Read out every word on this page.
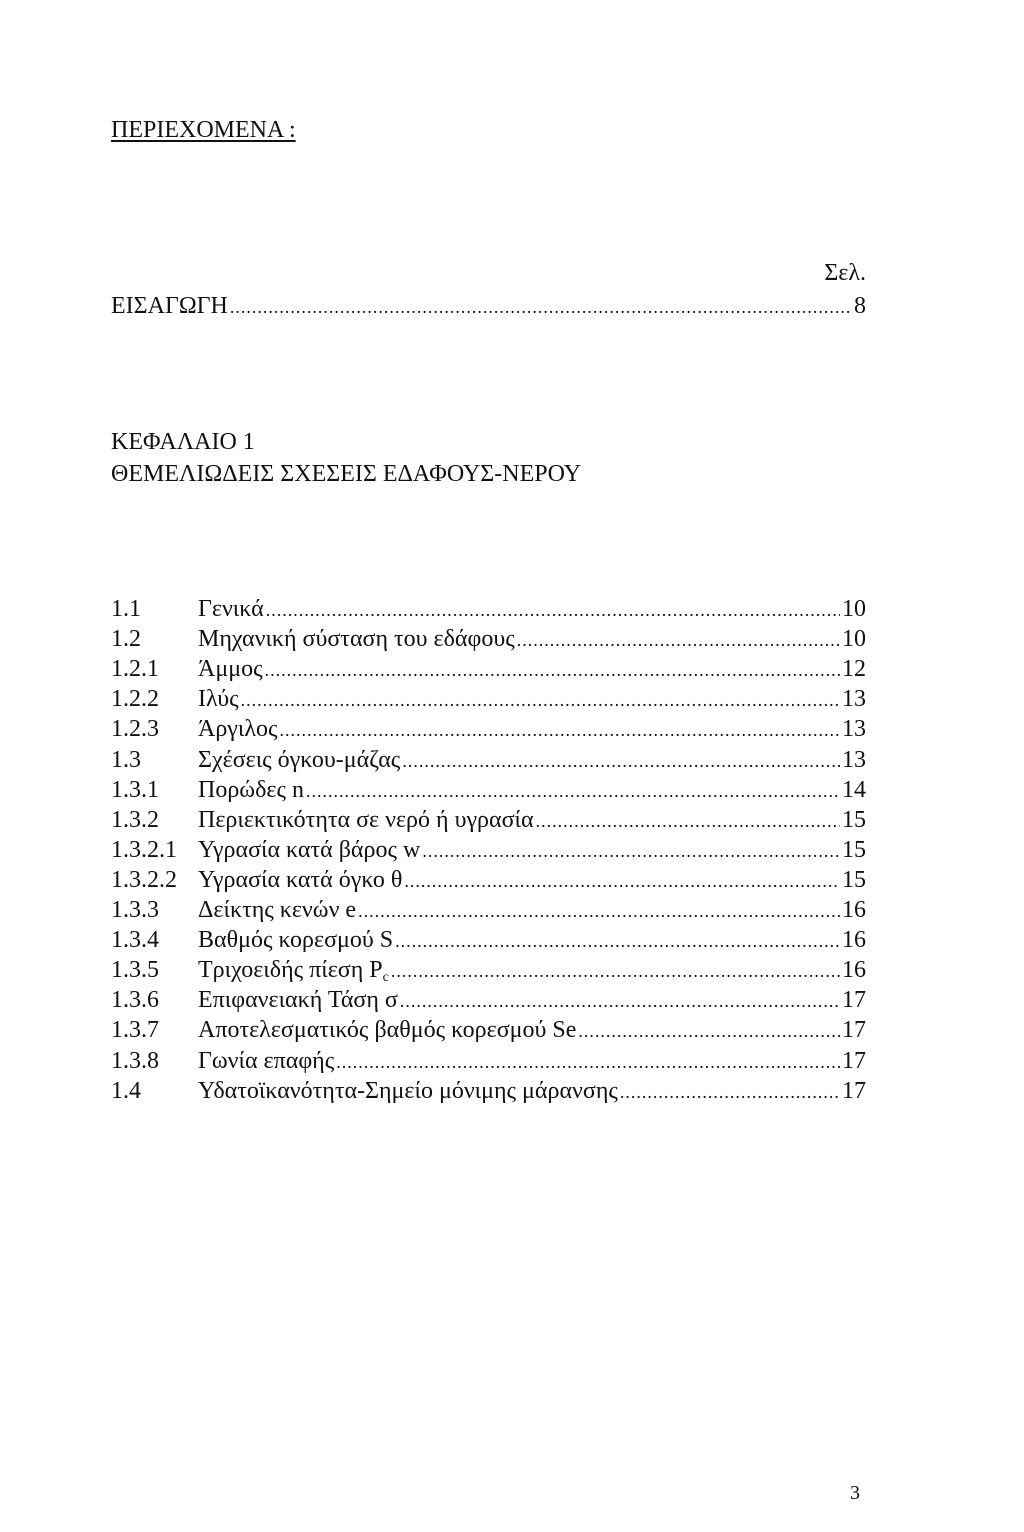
ΠΕΡΙΕΧΟΜΕΝΑ :
Σελ.
ΕΙΣΑΓΩΓΗ .....	8
ΚΕΦΑΛΑΙΟ 1
ΘΕΜΕΛΙΩΔΕΙΣ ΣΧΕΣΕΙΣ ΕΔΑΦΟΥΣ-ΝΕΡΟΥ
1.1	Γενικά .....	10
1.2	Μηχανική σύσταση του εδάφους .....	10
1.2.1	Άμμος .....	12
1.2.2	Ιλύς .....	13
1.2.3	Άργιλος .....	13
1.3	Σχέσεις όγκου-μάζας .....	13
1.3.1	Πορώδες n .....	14
1.3.2	Περιεκτικότητα σε νερό ή υγρασία .....	15
1.3.2.1 Υγρασία κατά βάρος w .....	15
1.3.2.2 Υγρασία κατά όγκο θ .....	15
1.3.3	Δείκτης κενών e .....	16
1.3.4	Βαθμός κορεσμού S .....	16
1.3.5	Τριχοειδής πίεση $P_c$ .....	16
1.3.6	Επιφανειακή Τάση σ .....	17
1.3.7	Αποτελεσματικός βαθμός κορεσμού Se .....	17
1.3.8	Γωνία επαφής .....	17
1.4	Υδατοϊκανότητα-Σημείο μόνιμης μάρανσης .....	17
3
